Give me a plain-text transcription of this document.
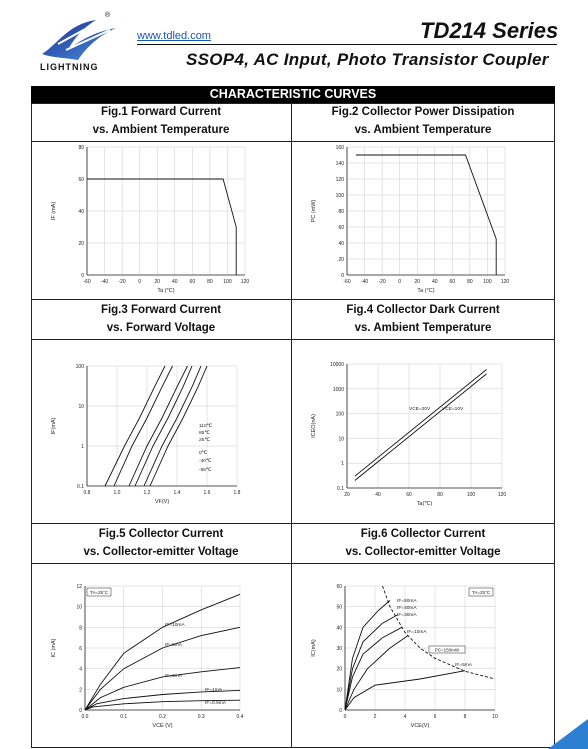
®
LIGHTNING
www.tdled.com	TD214 Series
SSOP4, AC Input, Photo Transistor Coupler
CHARACTERISTIC CURVES
Fig.1 Forward Current
vs. Ambient Temperature
Fig.2 Collector Power Dissipation
vs. Ambient Temperature
Fig.3 Forward Current
vs. Forward Voltage
Fig.4 Collector Dark Current
vs. Ambient Temperature
Fig.5 Collector Current
vs. Collector-emitter Voltage
Fig.6 Collector Current
vs. Collector-emitter Voltage
0
20
40
60
80
-60 -40 -20	0	20 40 60 80 100 120
Ta (°C)
IF (mA)
0
20
40
60
80
100
120
140
160
-60 -40 -20	0	20 40 60 80 100 120
Ta (°C)
PC (mW)
0.1
1
10
100
0.8	1.0	1.2	1.4	1.6	1.8
VF(V)
IF(mA)	110℃
85℃
25℃
0℃
-40℃
-55℃
0.1
1
10
100
1000
10000
20	40	60	80	100	120
Ta(℃)
ICEO(nA)
VCE=20V VCE=10V
0
2
4
6
8
10
12
0.0	0.1	0.2	0.3	0.4
VCE (V)
IC (mA)
TA=25°C
IF=10mA
IF=5mA
IF=2mA
IF=1mA
IF=0.5mA
0
10
20
30
40
50
60
0	2	4	6	8	10
VCE(V)
IC(mA)
TA=25°C
IF=50mA
IF=40mA
IF=30mA
IF=10mA
IF=5mA
PC=150mW
